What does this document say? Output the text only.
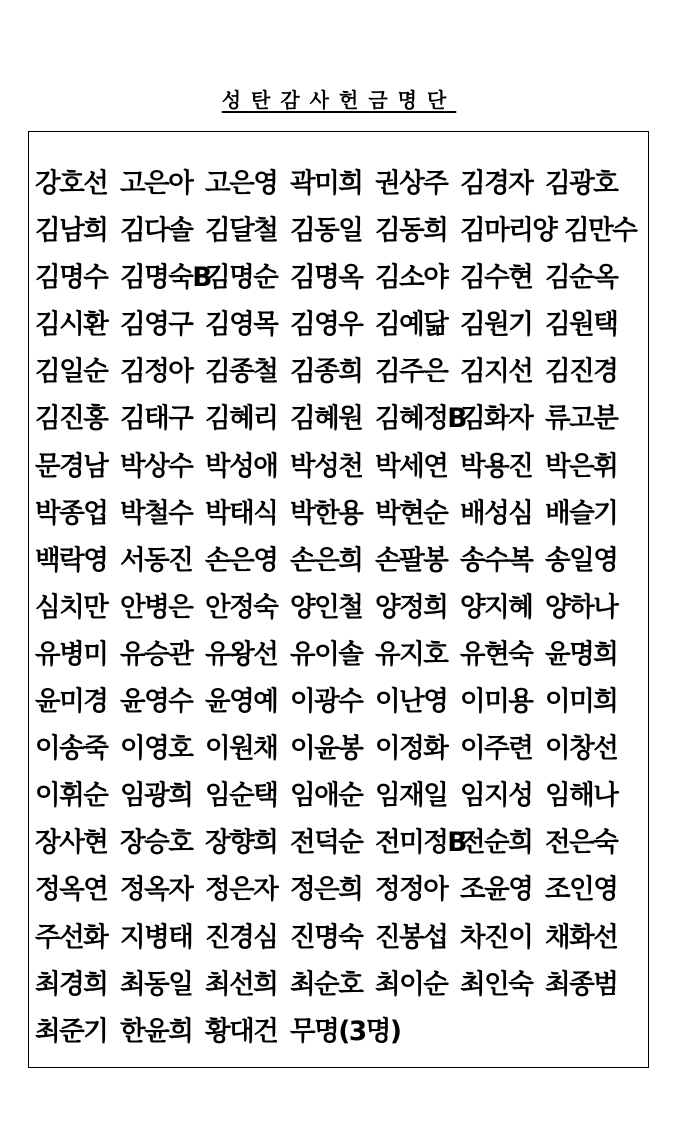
성탄감사헌금명단
강호선 고은아 고은영 곽미희 권상주 김경자 김광호
김남희 김다솔 김달철 김동일 김동희 김마리양 김만수
김명수 김명숙B김명순 김명옥 김소야 김수현 김순옥
김시환 김영구 김영목 김영우 김예닮 김원기 김원택
김일순 김정아 김종철 김종희 김주은 김지선 김진경
김진홍 김태구 김혜리 김혜원 김혜정B김화자 류고분
문경남 박상수 박성애 박성천 박세연 박용진 박은휘
박종업 박철수 박태식 박한용 박현순 배성심 배슬기
백락영 서동진 손은영 손은희 손팔봉 송수복 송일영
심치만 안병은 안정숙 양인철 양정희 양지혜 양하나
유병미 유승관 유왕선 유이솔 유지호 유현숙 윤명희
윤미경 윤영수 윤영예 이광수 이난영 이미용 이미희
이송죽 이영호 이원채 이윤봉 이정화 이주련 이창선
이휘순 임광희 임순택 임애순 임재일 임지성 임해나
장사현 장승호 장향희 전덕순 전미정B전순희 전은숙
정옥연 정옥자 정은자 정은희 정정아 조윤영 조인영
주선화 지병태 진경심 진명숙 진봉섭 차진이 채화선
최경희 최동일 최선희 최순호 최이순 최인숙 최종범
최준기 한윤희 황대건 무명(3명)
